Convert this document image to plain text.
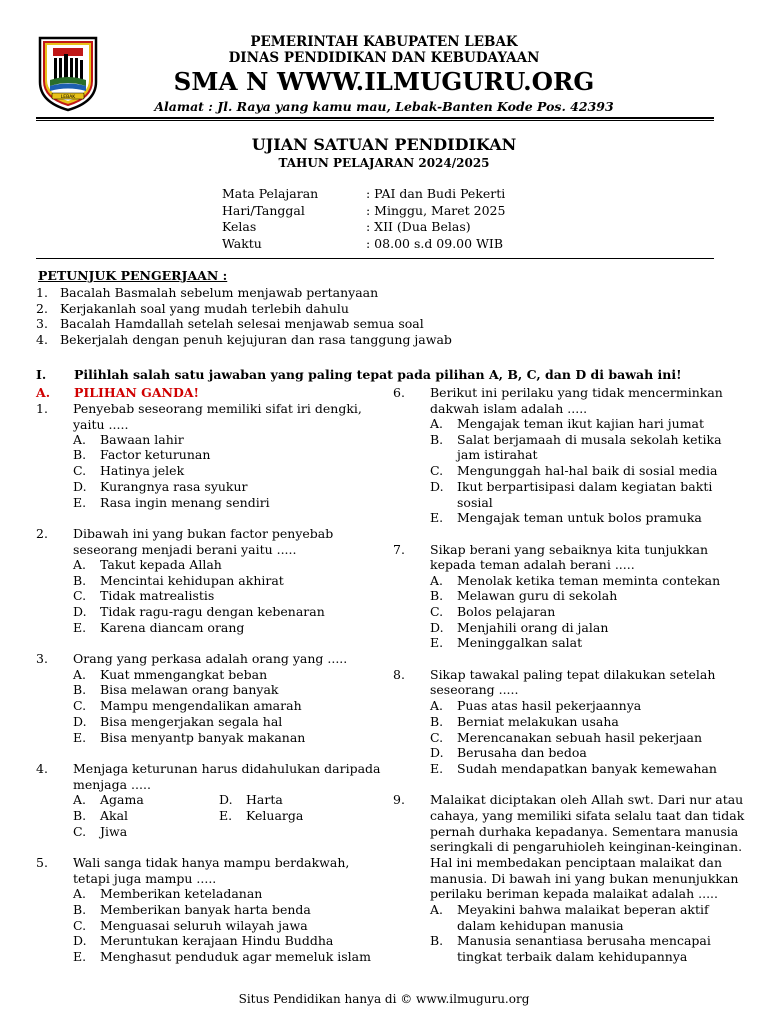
LEBAK
PEMERINTAH KABUPATEN LEBAK
DINAS PENDIDIKAN DAN KEBUDAYAAN
SMA N WWW.ILMUGURU.ORG
Alamat : Jl. Raya yang kamu mau, Lebak-Banten Kode Pos. 42393
UJIAN SATUAN PENDIDIKAN
TAHUN PELAJARAN 2024/2025
Mata Pelajaran	: PAI dan Budi Pekerti
Hari/Tanggal	: Minggu, Maret 2025
Kelas	: XII (Dua Belas)
Waktu	: 08.00 s.d 09.00 WIB
PETUNJUK PENGERJAAN :
1. Bacalah Basmalah sebelum menjawab pertanyaan
2. Kerjakanlah soal yang mudah terlebih dahulu
3. Bacalah Hamdallah setelah selesai menjawab semua soal
4. Bekerjalah dengan penuh kejujuran dan rasa tanggung jawab
I. Pilihlah salah satu jawaban yang paling tepat pada pilihan A, B, C, dan D di bawah ini!
A. PILIHAN GANDA!
1. Penyebab seseorang memiliki sifat iri dengki,
yaitu .....
A. Bawaan lahir
B. Factor keturunan
C. Hatinya jelek
D. Kurangnya rasa syukur
E. Rasa ingin menang sendiri
2. Dibawah ini yang bukan factor penyebab
seseorang menjadi berani yaitu .....
A. Takut kepada Allah
B. Mencintai kehidupan akhirat
C. Tidak matrealistis
D. Tidak ragu-ragu dengan kebenaran
E. Karena diancam orang
3. Orang yang perkasa adalah orang yang .....
A. Kuat mmengangkat beban
B. Bisa melawan orang banyak
C. Mampu mengendalikan amarah
D. Bisa mengerjakan segala hal
E. Bisa menyantp banyak makanan
4. Menjaga keturunan harus didahulukan daripada
menjaga .....
A. Agama
B. Akal
C. Jiwa
D. Harta
E. Keluarga
5. Wali sanga tidak hanya mampu berdakwah,
tetapi juga mampu .....
A. Memberikan keteladanan
B. Memberikan banyak harta benda
C. Menguasai seluruh wilayah jawa
D. Meruntukan kerajaan Hindu Buddha
E. Menghasut penduduk agar memeluk islam
6. Berikut ini perilaku yang tidak mencerminkan
dakwah islam adalah .....
A. Mengajak teman ikut kajian hari jumat
B. Salat berjamaah di musala sekolah ketika
jam istirahat
C. Mengunggah hal-hal baik di sosial media
D. Ikut berpartisipasi dalam kegiatan bakti
sosial
E. Mengajak teman untuk bolos pramuka
7. Sikap berani yang sebaiknya kita tunjukkan
kepada teman adalah berani .....
A. Menolak ketika teman meminta contekan
B. Melawan guru di sekolah
C. Bolos pelajaran
D. Menjahili orang di jalan
E. Meninggalkan salat
8. Sikap tawakal paling tepat dilakukan setelah
seseorang .....
A. Puas atas hasil pekerjaannya
B. Berniat melakukan usaha
C. Merencanakan sebuah hasil pekerjaan
D. Berusaha dan bedoa
E. Sudah mendapatkan banyak kemewahan
9. Malaikat diciptakan oleh Allah swt. Dari nur atau
cahaya, yang memiliki sifata selalu taat dan tidak
pernah durhaka kepadanya. Sementara manusia
seringkali di pengaruhioleh keinginan-keinginan.
Hal ini membedakan penciptaan malaikat dan
manusia. Di bawah ini yang bukan menunjukkan
perilaku beriman kepada malaikat adalah .....
A. Meyakini bahwa malaikat beperan aktif
dalam kehidupan manusia
B. Manusia senantiasa berusaha mencapai
tingkat terbaik dalam kehidupannya
Situs Pendidikan hanya di © www.ilmuguru.org
